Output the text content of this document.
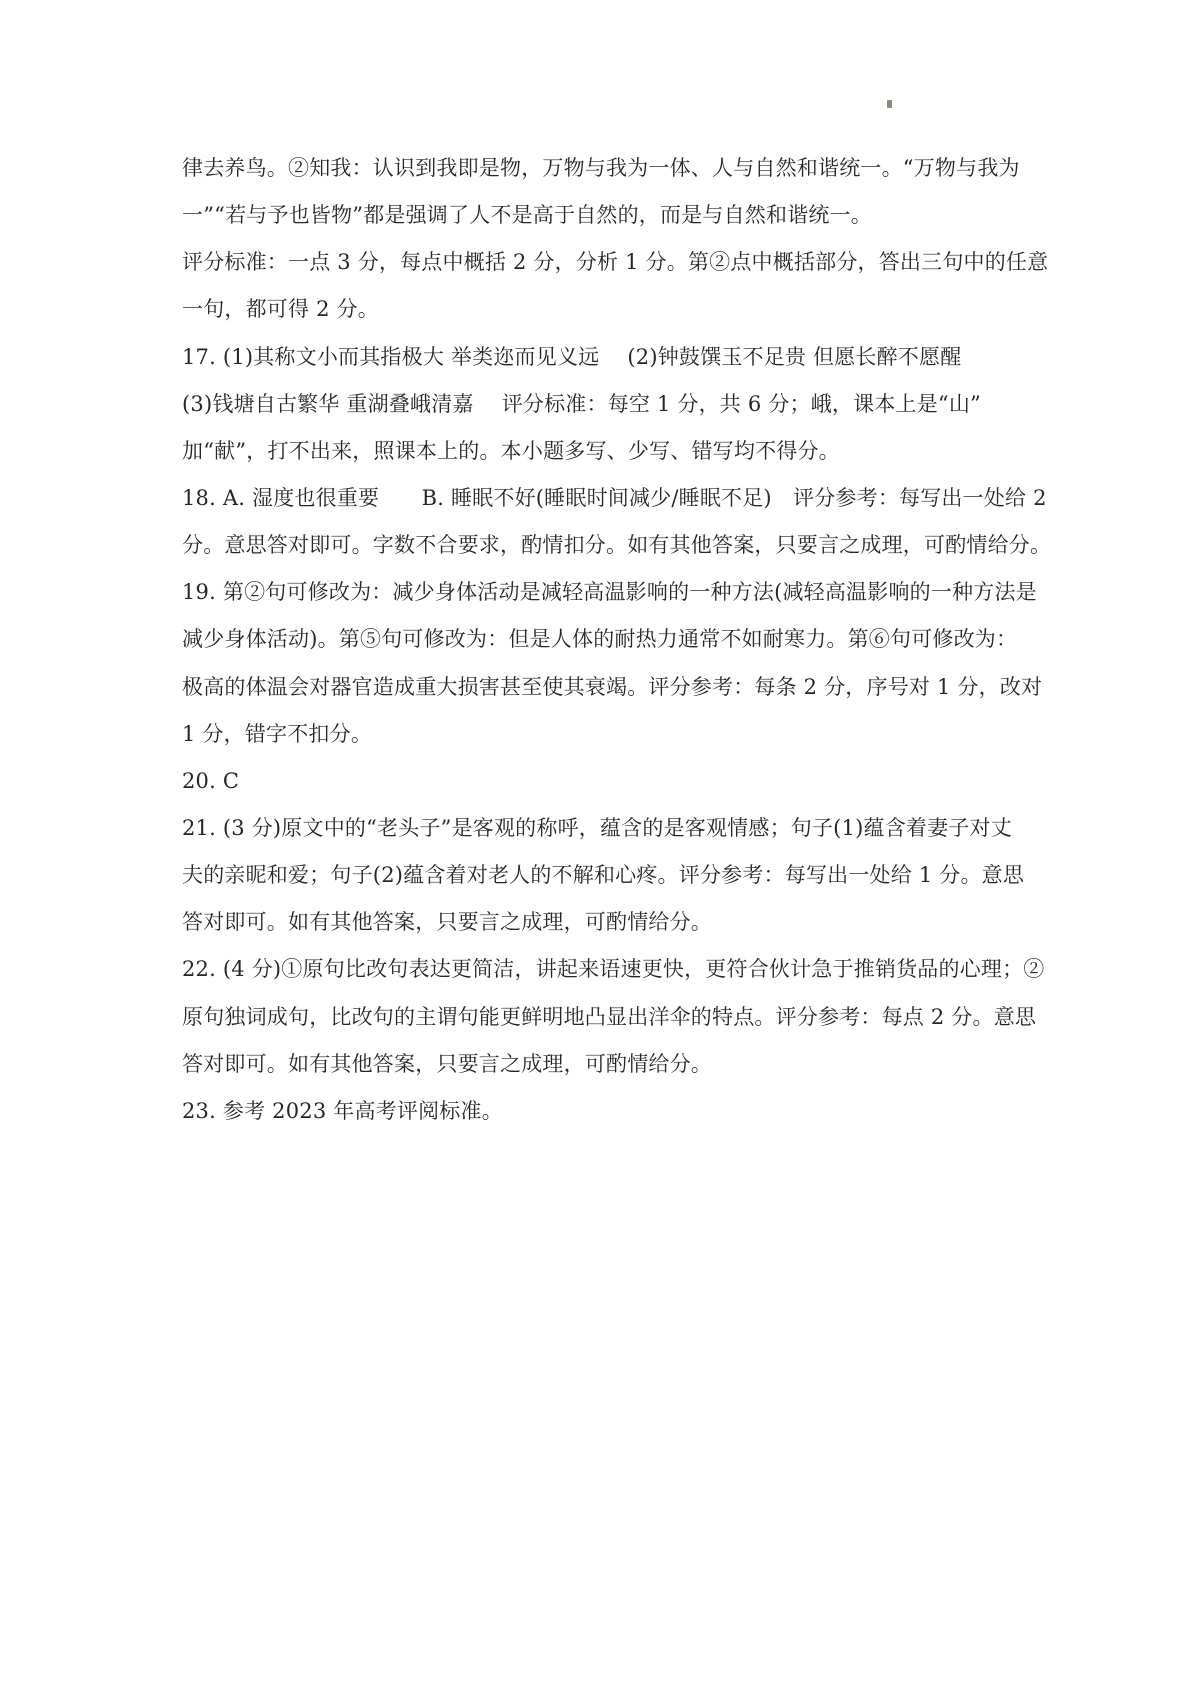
律去养鸟。②知我：认识到我即是物，万物与我为一体、人与自然和谐统一。“万物与我为
一”“若与予也皆物”都是强调了人不是高于自然的，而是与自然和谐统一。
评分标准：一点 3 分，每点中概括 2 分，分析 1 分。第②点中概括部分，答出三句中的任意
一句，都可得 2 分。
17. (1)其称文小而其指极大 举类迩而见义远　 (2)钟鼓馔玉不足贵 但愿长醉不愿醒
(3)钱塘自古繁华 重湖叠峨清嘉　 评分标准：每空 1 分，共 6 分；峨，课本上是“山”
加“献”，打不出来，照课本上的。本小题多写、少写、错写均不得分。
18. A. 湿度也很重要　　B. 睡眠不好(睡眠时间减少/睡眠不足)　评分参考：每写出一处给 2
分。意思答对即可。字数不合要求，酌情扣分。如有其他答案，只要言之成理，可酌情给分。
19. 第②句可修改为：减少身体活动是减轻高温影响的一种方法(减轻高温影响的一种方法是
减少身体活动)。第⑤句可修改为：但是人体的耐热力通常不如耐寒力。第⑥句可修改为：
极高的体温会对器官造成重大损害甚至使其衰竭。评分参考：每条 2 分，序号对 1 分，改对
1 分，错字不扣分。
20. C
21. (3 分)原文中的“老头子”是客观的称呼，蕴含的是客观情感；句子(1)蕴含着妻子对丈
夫的亲昵和爱；句子(2)蕴含着对老人的不解和心疼。评分参考：每写出一处给 1 分。意思
答对即可。如有其他答案，只要言之成理，可酌情给分。
22. (4 分)①原句比改句表达更简洁，讲起来语速更快，更符合伙计急于推销货品的心理；②
原句独词成句，比改句的主谓句能更鲜明地凸显出洋伞的特点。评分参考：每点 2 分。意思
答对即可。如有其他答案，只要言之成理，可酌情给分。
23. 参考 2023 年高考评阅标准。
